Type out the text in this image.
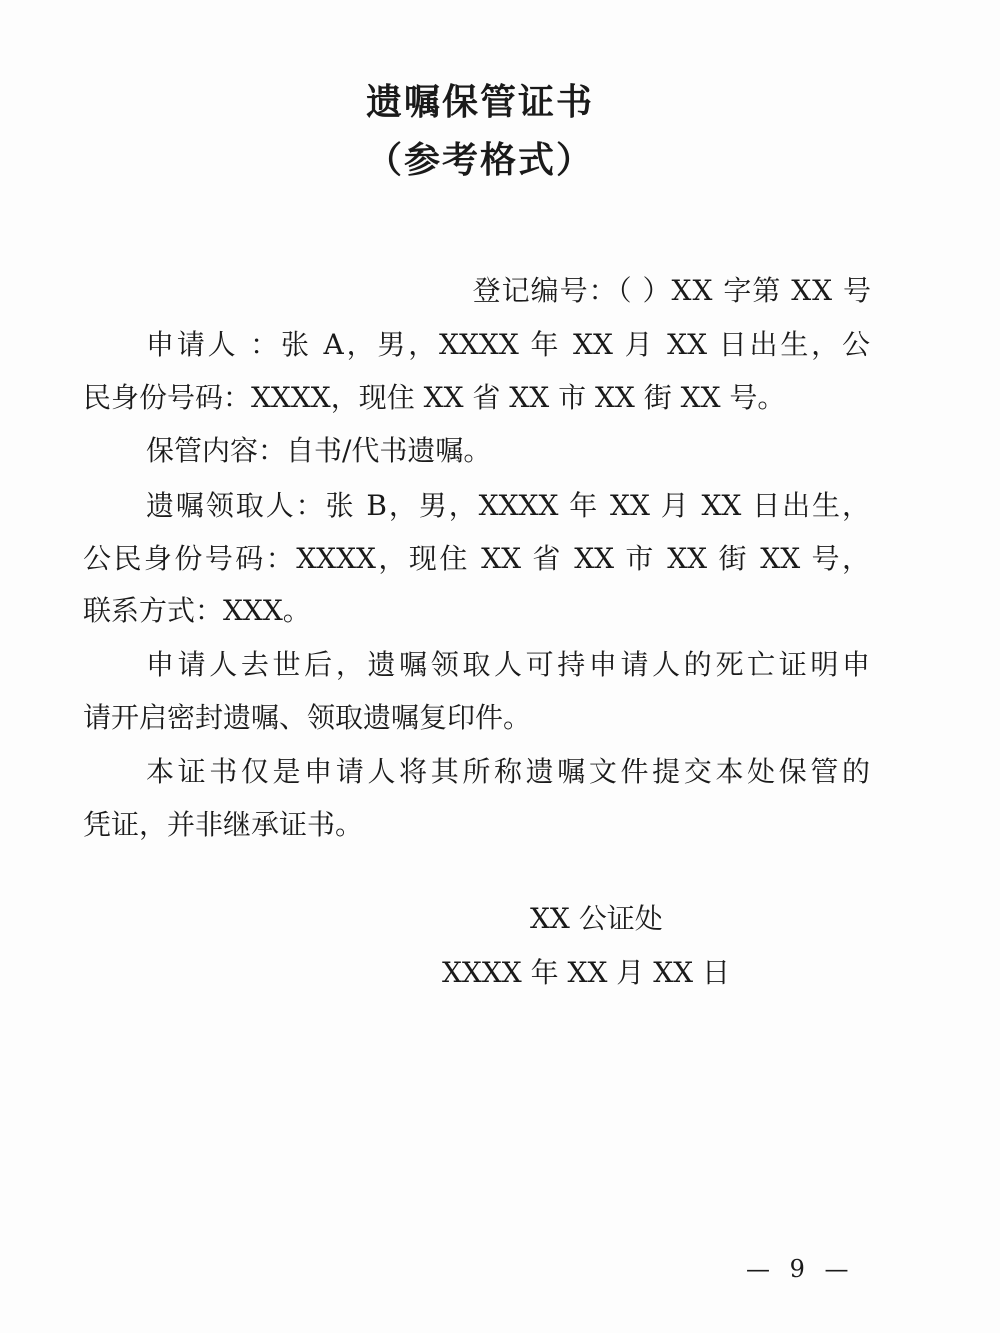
遗嘱保管证书
（参考格式）
登记编号：（ ）XX 字第 XX 号
申请人 ：张 A，男，XXXX 年 XX 月 XX 日出生，公
民身份号码：XXXX，现住 XX 省 XX 市 XX 街 XX 号。
保管内容：自书/代书遗嘱。
遗嘱领取人：张 B，男，XXXX 年 XX 月 XX 日出生，
公民身份号码：XXXX，现住 XX 省 XX 市 XX 街 XX 号，
联系方式：XXX。
申请人去世后，遗嘱领取人可持申请人的死亡证明申
请开启密封遗嘱、领取遗嘱复印件。
本证书仅是申请人将其所称遗嘱文件提交本处保管的
凭证，并非继承证书。
XX 公证处
XXXX 年 XX 月 XX 日
— 9 —
